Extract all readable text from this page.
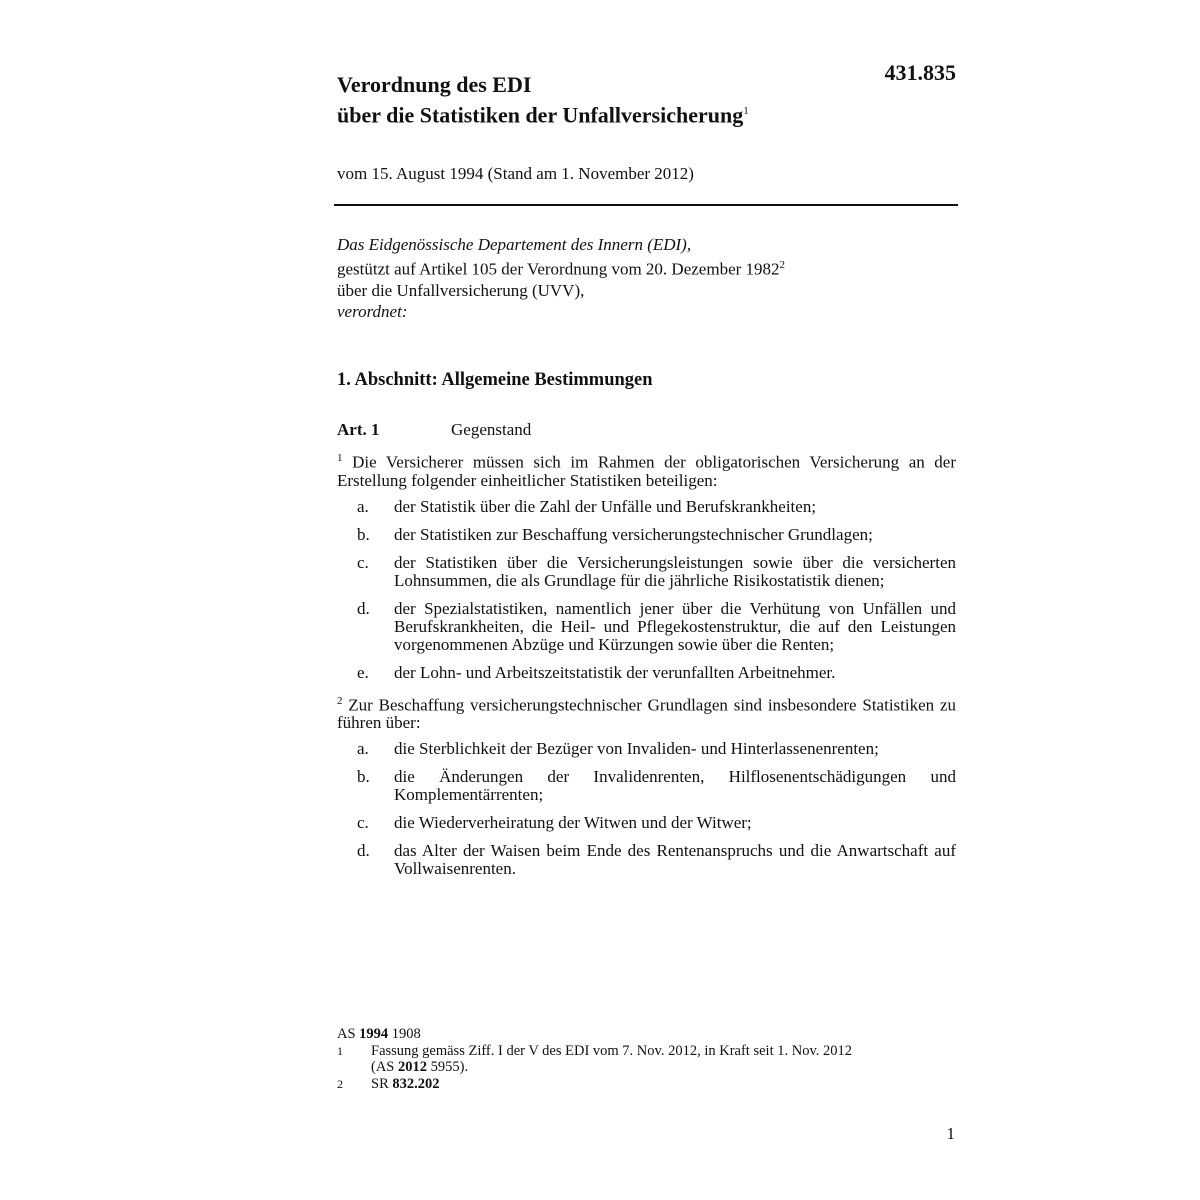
431.835
Verordnung des EDI
über die Statistiken der Unfallversicherung$^1$
vom 15. August 1994 (Stand am 1. November 2012)
Das Eidgenössische Departement des Innern (EDI),
gestützt auf Artikel 105 der Verordnung vom 20. Dezember 1982$^2$
über die Unfallversicherung (UVV),
verordnet:
1. Abschnitt: Allgemeine Bestimmungen
Art. 1	Gegenstand
$^1$ Die Versicherer müssen sich im Rahmen der obligatorischen Versicherung an der Erstellung folgender einheitlicher Statistiken beteiligen:
a.	der Statistik über die Zahl der Unfälle und Berufskrankheiten;
b.	der Statistiken zur Beschaffung versicherungstechnischer Grundlagen;
c.	der Statistiken über die Versicherungsleistungen sowie über die versicherten Lohnsummen, die als Grundlage für die jährliche Risikostatistik dienen;
d.	der Spezialstatistiken, namentlich jener über die Verhütung von Unfällen und Berufskrankheiten, die Heil- und Pflegekostenstruktur, die auf den Leistungen vorgenommenen Abzüge und Kürzungen sowie über die Renten;
e.	der Lohn- und Arbeitszeitstatistik der verunfallten Arbeitnehmer.
$^2$ Zur Beschaffung versicherungstechnischer Grundlagen sind insbesondere Statistiken zu führen über:
a.	die Sterblichkeit der Bezüger von Invaliden- und Hinterlassenenrenten;
b.	die Änderungen der Invalidenrenten, Hilflosenentschädigungen und Komplementärrenten;
c.	die Wiederverheiratung der Witwen und der Witwer;
d.	das Alter der Waisen beim Ende des Rentenanspruchs und die Anwartschaft auf Vollwaisenrenten.
AS 1994 1908
1	Fassung gemäss Ziff. I der V des EDI vom 7. Nov. 2012, in Kraft seit 1. Nov. 2012
(AS 2012 5955).
2	SR 832.202
1
